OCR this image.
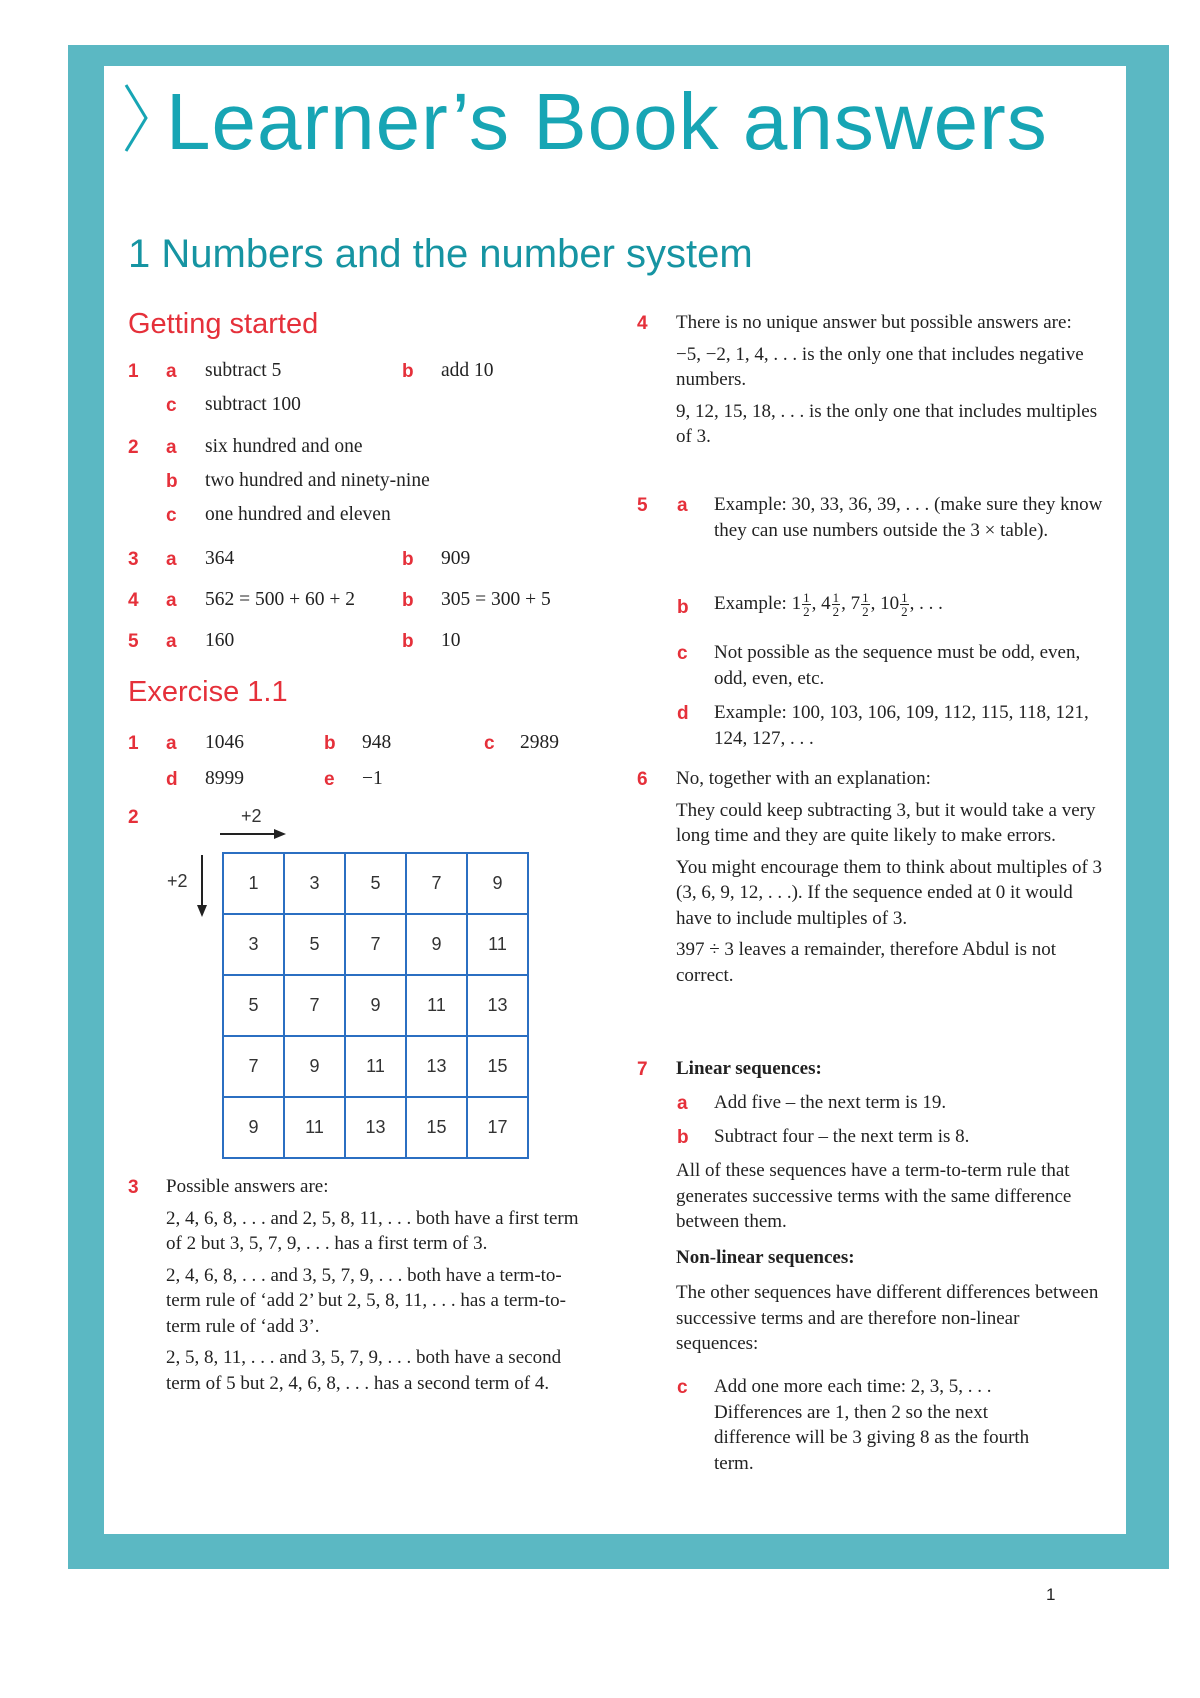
Learner’s Book answers
1 Numbers and the number system
Getting started
1 a subtract 5	b add 10
c subtract 100
2 a six hundred and one
b two hundred and ninety-nine
c one hundred and eleven
3 a 364	b 909
4 a 562 = 500 + 60 + 2 b 305 = 300 + 5
5 a 160	b 10
Exercise 1.1
1 a 1046	b 948	c 2989
d 8999	e −1
2	+2
+2	1	3	5	7	9
3	5	7	9	11
5	7	9	11	13
7	9	11	13	15
9	11	13	15	17
3 Possible answers are:

2, 4, 6, 8, . . . and 2, 5, 8, 11, . . . both have a first term of 2 but 3, 5, 7, 9, . . . has a first term of 3.

2, 4, 6, 8, . . . and 3, 5, 7, 9, . . . both have a term-to-term rule of ‘add 2’ but 2, 5, 8, 11, . . . has a term-to-term rule of ‘add 3’.

2, 5, 8, 11, . . . and 3, 5, 7, 9, . . . both have a second term of 5 but 2, 4, 6, 8, . . . has a second term of 4.

4 There is no unique answer but possible answers are:

−5, −2, 1, 4, . . . is the only one that includes negative numbers.

9, 12, 15, 18, . . . is the only one that includes multiples of 3.

5 a Example: 30, 33, 36, 39, . . . (make sure they know they can use numbers outside the 3 × table).
b Example: $1 \frac{1}{2}$ , $4 \frac{1}{2}$ , $7 \frac{1}{2}$ , $10 \frac{1}{2}$ , . . .
c Not possible as the sequence must be odd, even, odd, even, etc.
d Example: 100, 103, 106, 109, 112, 115, 118, 121, 124, 127, . . .
6 No, together with an explanation:

They could keep subtracting 3, but it would take a very long time and they are quite likely to make errors.

You might encourage them to think about multiples of 3 (3, 6, 9, 12, . . .). If the sequence ended at 0 it would have to include multiples of 3.

397 ÷ 3 leaves a remainder, therefore Abdul is not correct.

7 Linear sequences:
a Add five – the next term is 19.
b Subtract four – the next term is 8.

All of these sequences have a term-to-term rule that generates successive terms with the same difference between them.

Non-linear sequences:

The other sequences have different differences between successive terms and are therefore non-linear sequences:

c Add one more each time: 2, 3, 5, . . . Differences are 1, then 2 so the next difference will be 3 giving 8 as the fourth term.
1
